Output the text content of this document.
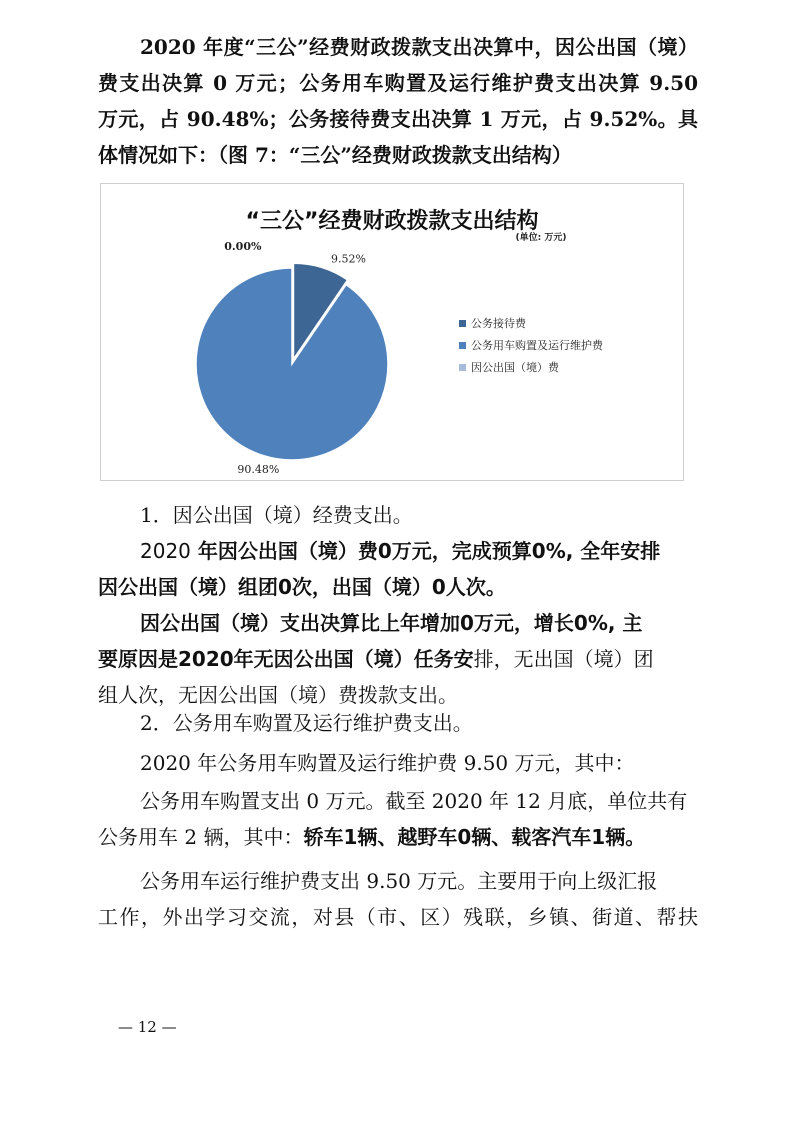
2020 年度“三公”经费财政拨款支出决算中，因公出国（境）
费支出决算 0 万元；公务用车购置及运行维护费支出决算 9.50
万元，占 90.48%；公务接待费支出决算 1 万元，占 9.52%。具
体情况如下：（图 7：“三公”经费财政拨款支出结构）
“三公”经费财政拨款支出结构
(单位: 万元)
9.52%
90.48%
0.00%
公务接待费
公务用车购置及运行维护费
因公出国（境）费
1．因公出国（境）经费支出。
2020 年因公出国（境）费0万元，完成预算0%, 全年安排
因公出国（境）组团0次，出国（境）0人次。
因公出国（境）支出决算比上年增加0万元，增长0%, 主
要原因是2020年无因公出国（境）任务安排，无出国（境）团
组人次，无因公出国（境）费拨款支出。
2．公务用车购置及运行维护费支出。
2020 年公务用车购置及运行维护费 9.50 万元，其中：
公务用车购置支出 0 万元。截至 2020 年 12 月底，单位共有
公务用车 2 辆，其中：轿车1辆、越野车0辆、载客汽车1辆。
公务用车运行维护费支出 9.50 万元。主要用于向上级汇报
工作，外出学习交流，对县（市、区）残联，乡镇、街道、帮扶
— 12 —
